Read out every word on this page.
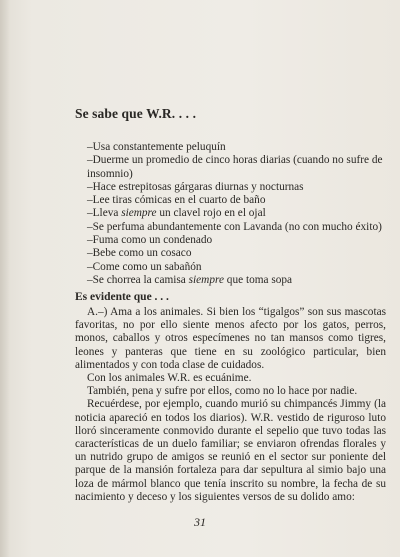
Se sabe que W.R. . . .
–Usa constantemente peluquín
–Duerme un promedio de cinco horas diarias (cuando no sufre de insomnio)
–Hace estrepitosas gárgaras diurnas y nocturnas
–Lee tiras cómicas en el cuarto de baño
–Lleva siempre un clavel rojo en el ojal
–Se perfuma abundantemente con Lavanda (no con mucho éxito)
–Fuma como un condenado
–Bebe como un cosaco
–Come como un sabañón
–Se chorrea la camisa siempre que toma sopa
Es evidente que . . .

A.–) Ama a los animales. Si bien los “tigalgos” son sus mascotas favoritas, no por ello siente menos afecto por los gatos, perros, monos, caballos y otros especímenes no tan mansos como tigres, leones y panteras que tiene en su zoológico particular, bien alimentados y con toda clase de cuidados.

Con los animales W.R. es ecuánime.

También, pena y sufre por ellos, como no lo hace por nadie.

Recuérdese, por ejemplo, cuando murió su chimpancés Jimmy (la noticia apareció en todos los diarios). W.R. vestido de riguroso luto lloró sinceramente conmovido durante el sepelio que tuvo todas las características de un duelo familiar; se enviaron ofrendas florales y un nutrido grupo de amigos se reunió en el sector sur poniente del parque de la mansión fortaleza para dar sepultura al simio bajo una loza de mármol blanco que tenía inscrito su nombre, la fecha de su nacimiento y deceso y los siguientes versos de su dolido amo:

31
